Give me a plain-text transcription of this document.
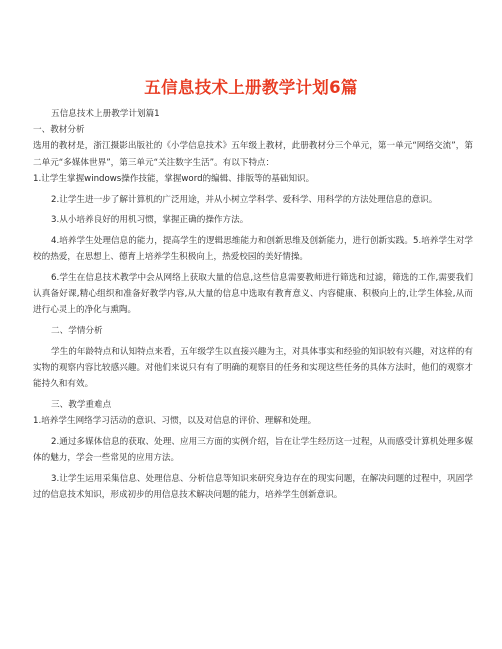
五信息技术上册教学计划6篇

五信息技术上册教学计划篇1

一、教材分析

选用的教材是，浙江摄影出版社的《小学信息技术》五年级上教材，此册教材分三个单元，第一单元“网络交流”，第二单元“多媒体世界”，第三单元“关注数字生活”。有以下特点：

1.让学生掌握windows操作技能，掌握word的编辑、排版等的基础知识。

2.让学生进一步了解计算机的广泛用途，并从小树立学科学、爱科学、用科学的方法处理信息的意识。

3.从小培养良好的用机习惯，掌握正确的操作方法。

4.培养学生处理信息的能力，提高学生的逻辑思维能力和创新思维及创新能力，进行创新实践。5.培养学生对学校的热爱，在思想上、德育上培养学生积极向上，热爱校园的美好情操。

6.学生在信息技术教学中会从网络上获取大量的信息,这些信息需要教师进行筛选和过滤，筛选的工作,需要我们认真备好课,精心组织和准备好教学内容,从大量的信息中选取有教育意义、内容健康、积极向上的,让学生体验,从而进行心灵上的净化与熏陶。

二、学情分析

学生的年龄特点和认知特点来看，五年级学生以直接兴趣为主，对具体事实和经验的知识较有兴趣，对这样的有实物的观察内容比较感兴趣。对他们来说只有有了明确的观察目的任务和实现这些任务的具体方法时，他们的观察才能持久和有效。

三、教学重难点

1.培养学生网络学习活动的意识、习惯，以及对信息的评价、理解和处理。

2.通过多媒体信息的获取、处理、应用三方面的实例介绍，旨在让学生经历这一过程，从而感受计算机处理多媒体的魅力，学会一些常见的应用方法。

3.让学生运用采集信息、处理信息、分析信息等知识来研究身边存在的现实问题，在解决问题的过程中，巩固学过的信息技术知识，形成初步的用信息技术解决问题的能力，培养学生创新意识。
